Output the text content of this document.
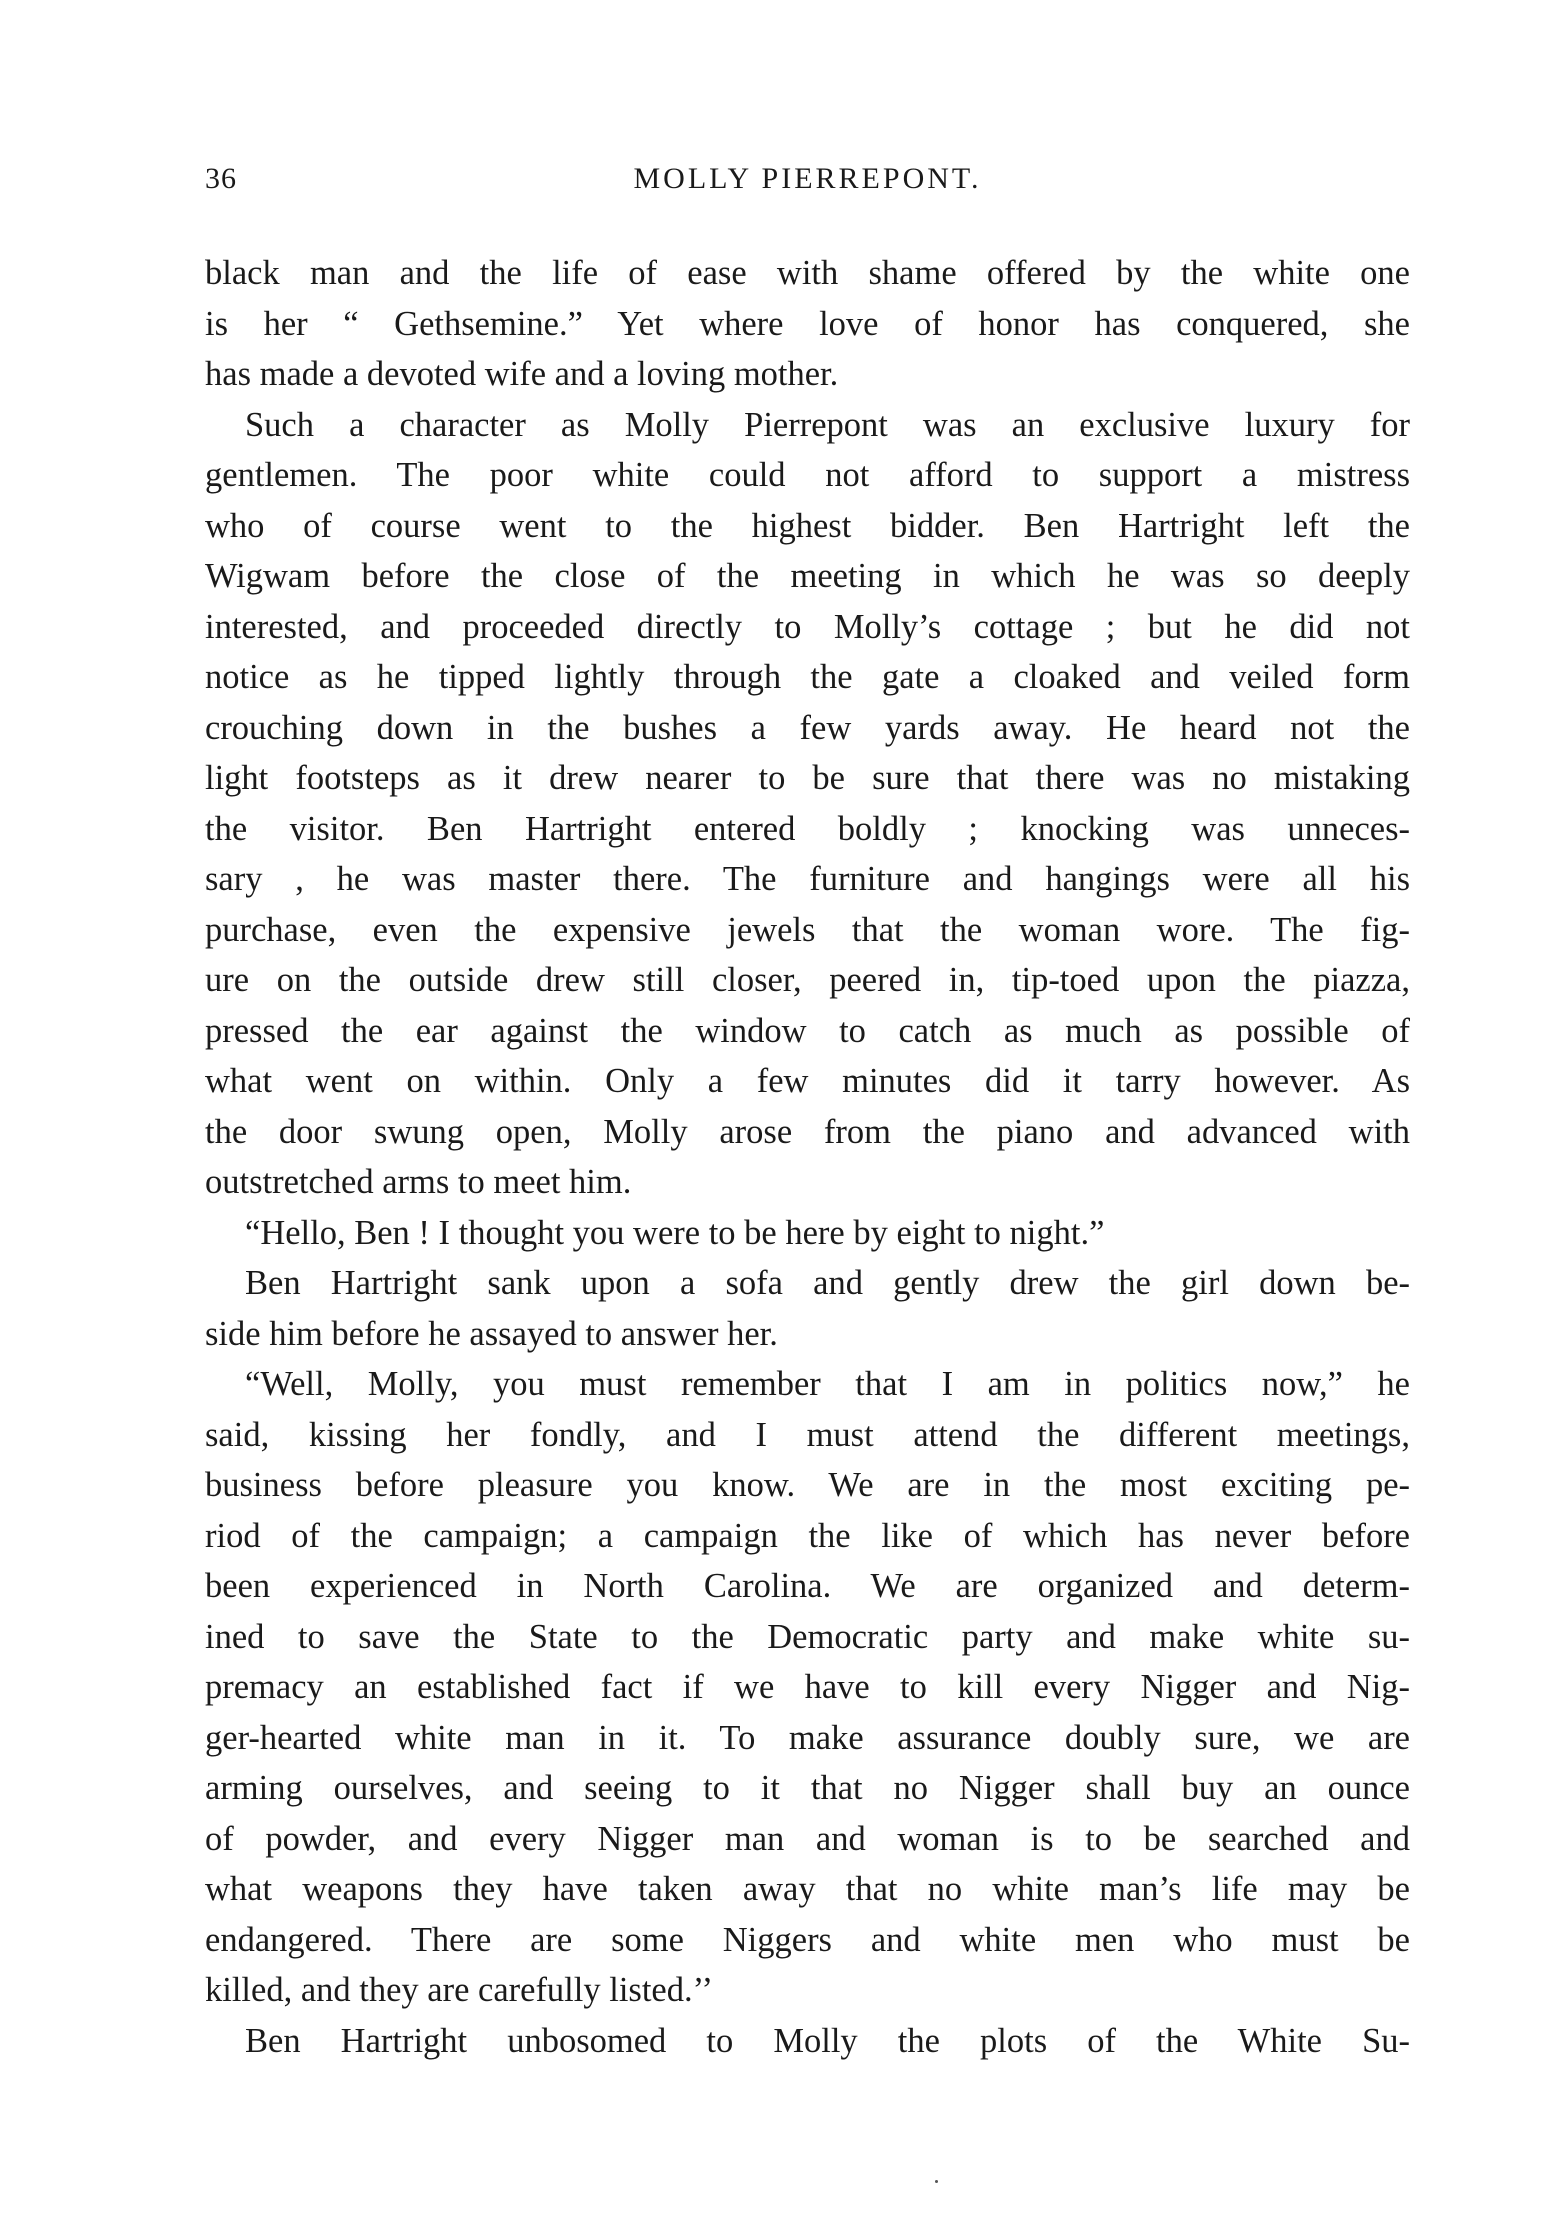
36	MOLLY PIERREPONT.
black man and the life of ease with shame offered by the white one
is her “ Gethsemine.” Yet where love of honor has conquered, she
has made a devoted wife and a loving mother.
Such a character as Molly Pierrepont was an exclusive luxury for
gentlemen. The poor white could not afford to support a mistress
who of course went to the highest bidder. Ben Hartright left the
Wigwam before the close of the meeting in which he was so deeply
interested, and proceeded directly to Molly’s cottage ; but he did not
notice as he tipped lightly through the gate a cloaked and veiled form
crouching down in the bushes a few yards away. He heard not the
light footsteps as it drew nearer to be sure that there was no mistaking
the visitor. Ben Hartright entered boldly ; knocking was unneces-
sary , he was master there. The furniture and hangings were all his
purchase, even the expensive jewels that the woman wore. The fig-
ure on the outside drew still closer, peered in, tip-toed upon the piazza,
pressed the ear against the window to catch as much as possible of
what went on within. Only a few minutes did it tarry however. As
the door swung open, Molly arose from the piano and advanced with
outstretched arms to meet him.
“Hello, Ben ! I thought you were to be here by eight to night.”
Ben Hartright sank upon a sofa and gently drew the girl down be-
side him before he assayed to answer her.
“Well, Molly, you must remember that I am in politics now,” he
said, kissing her fondly, and I must attend the different meetings,
business before pleasure you know. We are in the most exciting pe-
riod of the campaign; a campaign the like of which has never before
been experienced in North Carolina. We are organized and determ-
ined to save the State to the Democratic party and make white su-
premacy an established fact if we have to kill every Nigger and Nig-
ger-hearted white man in it. To make assurance doubly sure, we are
arming ourselves, and seeing to it that no Nigger shall buy an ounce
of powder, and every Nigger man and woman is to be searched and
what weapons they have taken away that no white man’s life may be
endangered. There are some Niggers and white men who must be
killed, and they are carefully listed.’’
Ben Hartright unbosomed to Molly the plots of the White Su-
